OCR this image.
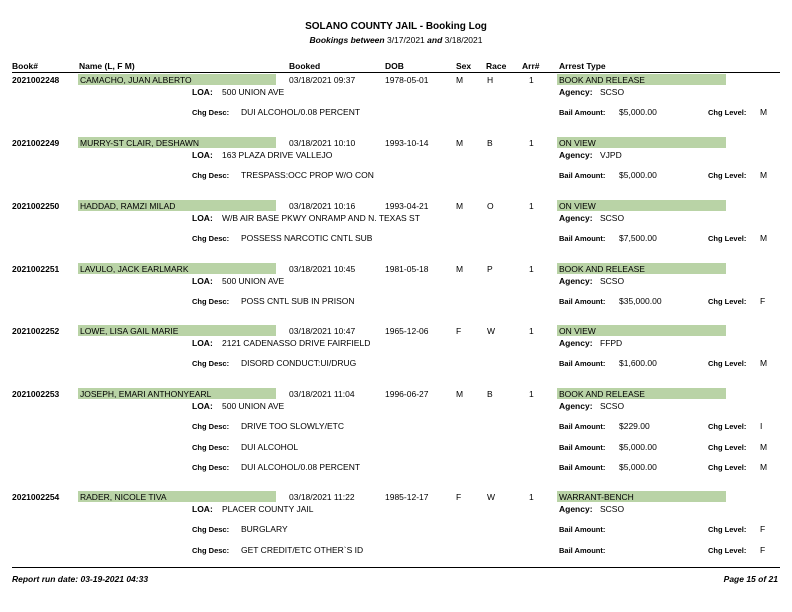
SOLANO COUNTY JAIL - Booking Log
Bookings between 3/17/2021 and 3/18/2021
Book#	Name (L, F M)	Booked	DOB	Sex Race Arr# Arrest Type
2021002248 CAMACHO, JUAN ALBERTO	03/18/2021 09:37	1978-05-01	M	H	1	BOOK AND RELEASE
LOA: 500 UNION AVE	Agency: SCSO
Chg Desc: DUI ALCOHOL/0.08 PERCENT	Bail Amount: $5,000.00	Chg Level: M
2021002249 MURRY-ST CLAIR, DESHAWN	03/18/2021 10:10	1993-10-14	M	B	1	ON VIEW
LOA: 163 PLAZA DRIVE VALLEJO	Agency: VJPD
Chg Desc: TRESPASS:OCC PROP W/O CON	Bail Amount: $5,000.00	Chg Level: M
2021002250 HADDAD, RAMZI MILAD	03/18/2021 10:16	1993-04-21	M	O	1	ON VIEW
LOA: W/B AIR BASE PKWY ONRAMP AND N. TEXAS ST	Agency: SCSO
Chg Desc: POSSESS NARCOTIC CNTL SUB	Bail Amount: $7,500.00	Chg Level: M
2021002251 LAVULO, JACK EARLMARK	03/18/2021 10:45	1981-05-18	M	P	1	BOOK AND RELEASE
LOA: 500 UNION AVE	Agency: SCSO
Chg Desc: POSS CNTL SUB IN PRISON	Bail Amount: $35,000.00	Chg Level: F
2021002252 LOWE, LISA GAIL MARIE	03/18/2021 10:47	1965-12-06	F	W	1	ON VIEW
LOA: 2121 CADENASSO DRIVE FAIRFIELD	Agency: FFPD
Chg Desc: DISORD CONDUCT:UI/DRUG	Bail Amount: $1,600.00	Chg Level: M
2021002253 JOSEPH, EMARI ANTHONYEARL	03/18/2021 11:04	1996-06-27	M	B	1	BOOK AND RELEASE
LOA: 500 UNION AVE	Agency: SCSO
Chg Desc: DRIVE TOO SLOWLY/ETC	Bail Amount: $229.00	Chg Level: I
Chg Desc: DUI ALCOHOL	Bail Amount: $5,000.00	Chg Level: M
Chg Desc: DUI ALCOHOL/0.08 PERCENT	Bail Amount: $5,000.00	Chg Level: M
2021002254 RADER, NICOLE TIVA	03/18/2021 11:22	1985-12-17	F	W	1	WARRANT-BENCH
LOA: PLACER COUNTY JAIL	Agency: SCSO
Chg Desc: BURGLARY	Bail Amount:	Chg Level: F
Chg Desc: GET CREDIT/ETC OTHER`S ID	Bail Amount:	Chg Level: F
Report run date: 03-19-2021 04:33	Page 15 of 21
